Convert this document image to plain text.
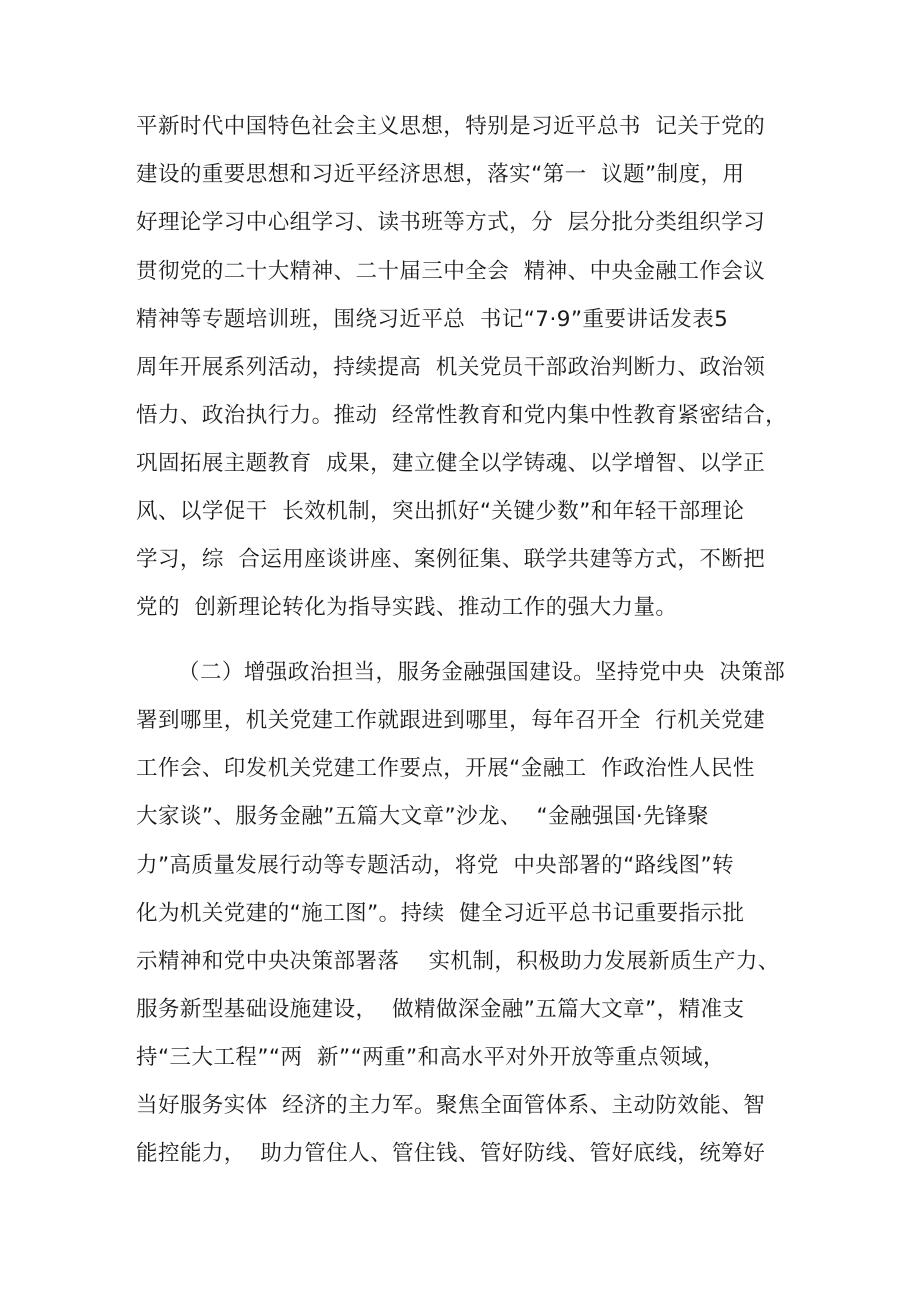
平新时代中国特色社会主义思想，特别是习近平总书  记关于党的
建设的重要思想和习近平经济思想，落实“第一  议题”制度，用
好理论学习中心组学习、读书班等方式，分  层分批分类组织学习
贯彻党的二十大精神、二十届三中全会  精神、中央金融工作会议
精神等专题培训班，围绕习近平总  书记“7·9”重要讲话发表5
周年开展系列活动，持续提高  机关党员干部政治判断力、政治领
悟力、政治执行力。推动  经常性教育和党内集中性教育紧密结合，
巩固拓展主题教育  成果，建立健全以学铸魂、以学增智、以学正
风、以学促干  长效机制，突出抓好“关键少数”和年轻干部理论
学习，综  合运用座谈讲座、案例征集、联学共建等方式，不断把
党的  创新理论转化为指导实践、推动工作的强大力量。
（二）增强政治担当，服务金融强国建设。坚持党中央  决策部
署到哪里，机关党建工作就跟进到哪里，每年召开全  行机关党建
工作会、印发机关党建工作要点，开展“金融工  作政治性人民性
大家谈”、服务金融”五篇大文章”沙龙、  “金融强国·先锋聚
力”高质量发展行动等专题活动，将党  中央部署的“路线图”转
化为机关党建的“施工图”。持续  健全习近平总书记重要指示批
示精神和党中央决策部署落    实机制，积极助力发展新质生产力、
服务新型基础设施建设，  做精做深金融”五篇大文章”，精准支
持“三大工程”“两  新”“两重”和高水平对外开放等重点领域，
当好服务实体  经济的主力军。聚焦全面管体系、主动防效能、智
能控能力，  助力管住人、管住钱、管好防线、管好底线，统筹好
